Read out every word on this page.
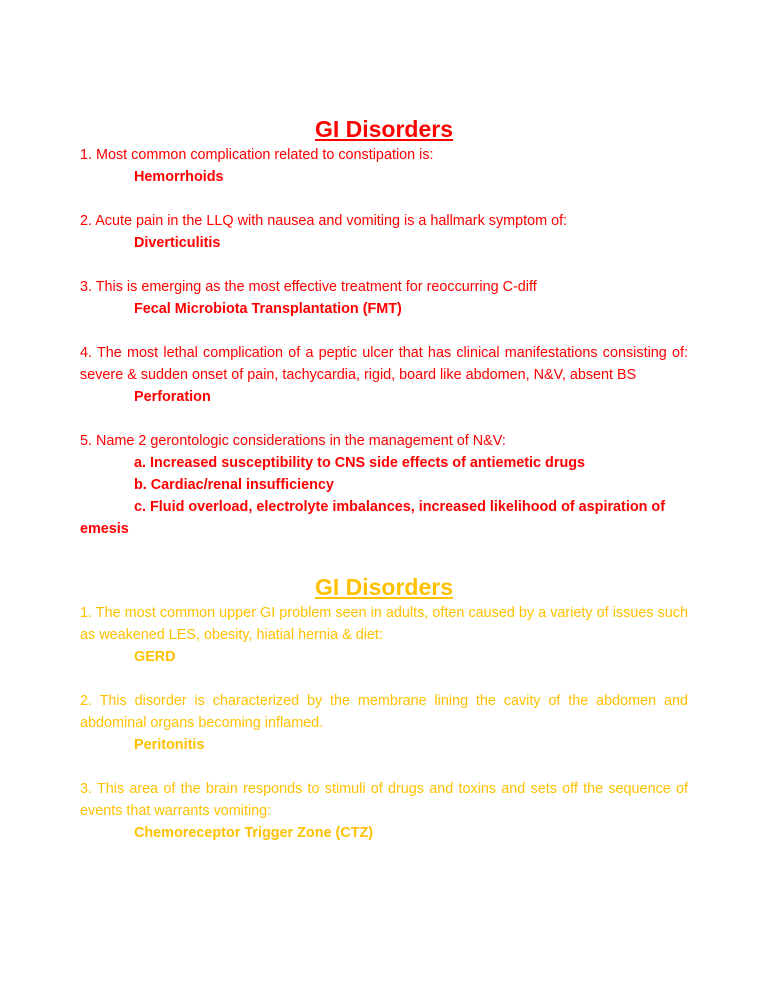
GI Disorders
1. Most common complication related to constipation is:
Hemorrhoids
2. Acute pain in the LLQ with nausea and vomiting is a hallmark symptom of:
Diverticulitis
3. This is emerging as the most effective treatment for reoccurring C-diff
Fecal Microbiota Transplantation (FMT)
4. The most lethal complication of a peptic ulcer that has clinical manifestations consisting of: severe & sudden onset of pain, tachycardia, rigid, board like abdomen, N&V, absent BS
Perforation
5. Name 2 gerontologic considerations in the management of N&V:
a. Increased susceptibility to CNS side effects of antiemetic drugs
b. Cardiac/renal insufficiency
c. Fluid overload, electrolyte imbalances, increased likelihood of aspiration of emesis
GI Disorders
1. The most common upper GI problem seen in adults, often caused by a variety of issues such as weakened LES, obesity, hiatial hernia & diet:
GERD
2. This disorder is characterized by the membrane lining the cavity of the abdomen and abdominal organs becoming inflamed.
Peritonitis
3. This area of the brain responds to stimuli of drugs and toxins and sets off the sequence of events that warrants vomiting:
Chemoreceptor Trigger Zone (CTZ)
